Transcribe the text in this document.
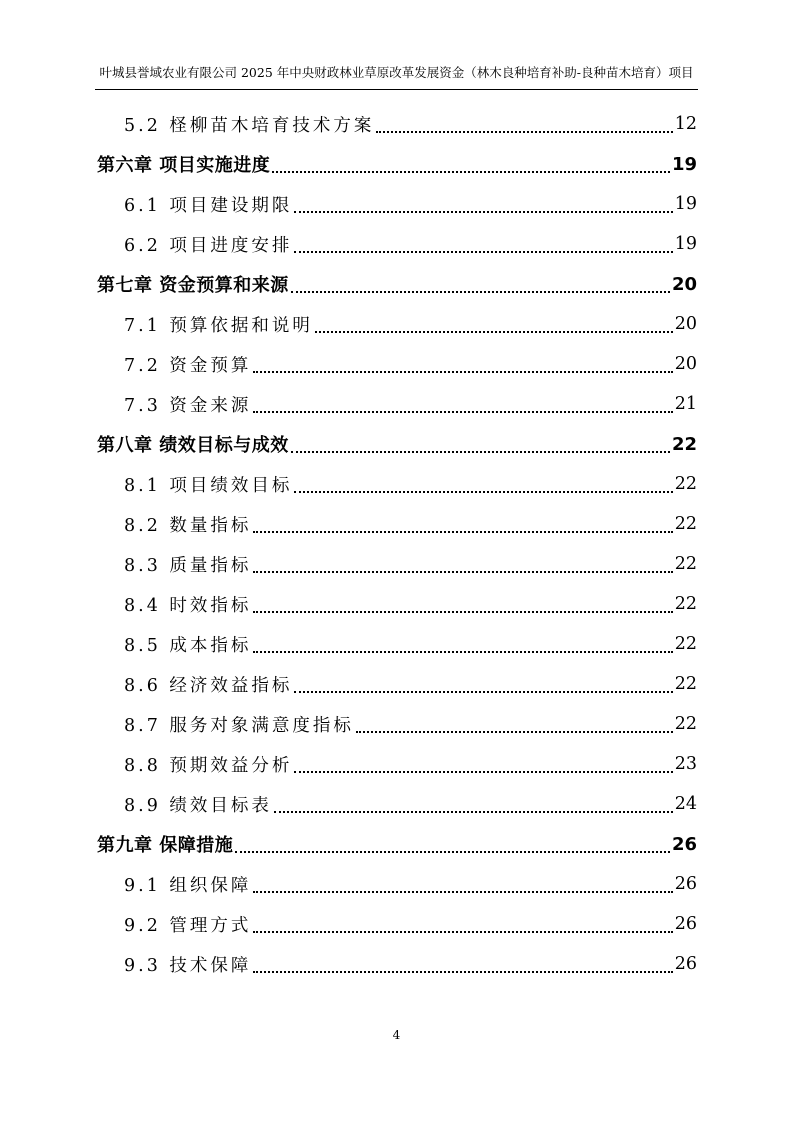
叶城县誉域农业有限公司 2025 年中央财政林业草原改革发展资金（林木良种培育补助-良种苗木培育）项目
5.2 柽柳苗木培育技术方案	12
第六章 项目实施进度	19
6.1 项目建设期限	19
6.2 项目进度安排	19
第七章 资金预算和来源	20
7.1 预算依据和说明	20
7.2 资金预算	20
7.3 资金来源	21
第八章 绩效目标与成效	22
8.1 项目绩效目标	22
8.2 数量指标	22
8.3 质量指标	22
8.4 时效指标	22
8.5 成本指标	22
8.6 经济效益指标	22
8.7 服务对象满意度指标	22
8.8 预期效益分析	23
8.9 绩效目标表	24
第九章 保障措施	26
9.1 组织保障	26
9.2 管理方式	26
9.3 技术保障	26
4
